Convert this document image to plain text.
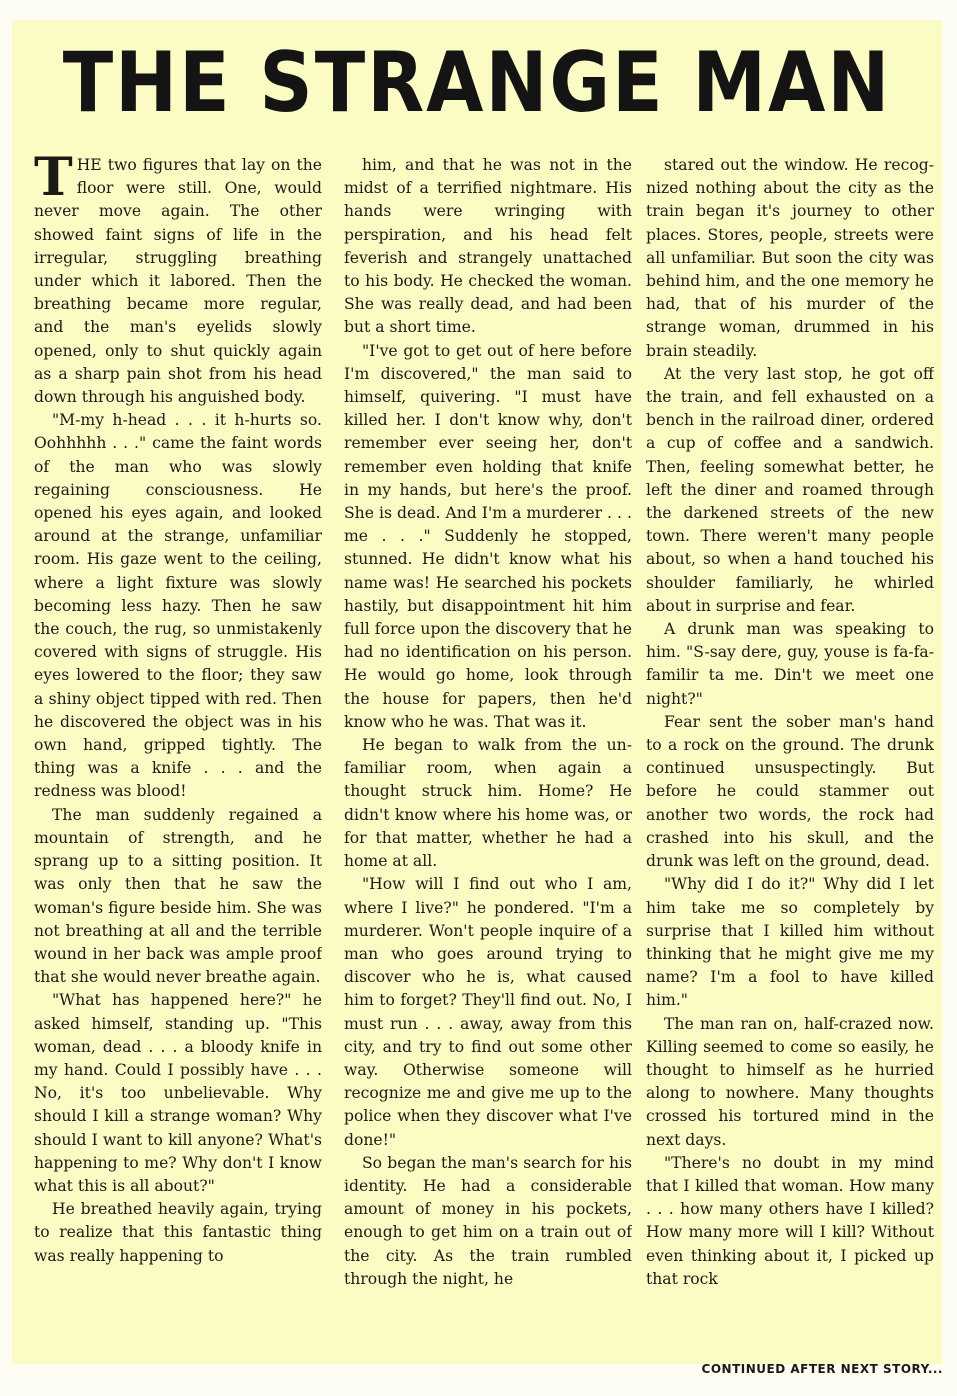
THE STRANGE MAN

THE two figures that lay on the floor were still. One, would never move again. The other showed faint signs of life in the irregular, struggling breathing under which it labored. Then the breathing became more regular, and the man's eyelids slowly opened, only to shut quickly again as a sharp pain shot from his head down through his anguished body.

"M-my h-head . . . it h-hurts so. Oohhhhh . . ." came the faint words of the man who was slowly regaining consciousness. He opened his eyes again, and looked around at the strange, unfamiliar room. His gaze went to the ceiling, where a light fixture was slowly becoming less hazy. Then he saw the couch, the rug, so unmistakenly covered with signs of struggle. His eyes lowered to the floor; they saw a shiny object tipped with red. Then he discovered the object was in his own hand, gripped tightly. The thing was a knife . . . and the redness was blood!

The man suddenly regained a mountain of strength, and he sprang up to a sitting position. It was only then that he saw the woman's figure beside him. She was not breathing at all and the terrible wound in her back was ample proof that she would never breathe again.

"What has happened here?" he asked himself, standing up. "This woman, dead . . . a bloody knife in my hand. Could I possibly have . . . No, it's too unbelievable. Why should I kill a strange woman? Why should I want to kill anyone? What's happening to me? Why don't I know what this is all about?"

He breathed heavily again, trying to realize that this fantastic thing was really happening to

him, and that he was not in the midst of a terrified nightmare. His hands were wringing with perspiration, and his head felt feverish and strangely unattached to his body. He checked the woman. She was really dead, and had been but a short time.

"I've got to get out of here before I'm discovered," the man said to himself, quivering. "I must have killed her. I don't know why, don't remember ever seeing her, don't remember even holding that knife in my hands, but here's the proof. She is dead. And I'm a murderer . . . me . . ." Suddenly he stopped, stunned. He didn't know what his name was! He searched his pockets hastily, but disappointment hit him full force upon the discovery that he had no identification on his person. He would go home, look through the house for papers, then he'd know who he was. That was it.

He began to walk from the unfamiliar room, when again a thought struck him. Home? He didn't know where his home was, or for that matter, whether he had a home at all.

"How will I find out who I am, where I live?" he pondered. "I'm a murderer. Won't people inquire of a man who goes around trying to discover who he is, what caused him to forget? They'll find out. No, I must run . . . away, away from this city, and try to find out some other way. Otherwise someone will recognize me and give me up to the police when they discover what I've done!"

So began the man's search for his identity. He had a considerable amount of money in his pockets, enough to get him on a train out of the city. As the train rumbled through the night, he

stared out the window. He recognized nothing about the city as the train began it's journey to other places. Stores, people, streets were all unfamiliar. But soon the city was behind him, and the one memory he had, that of his murder of the strange woman, drummed in his brain steadily.

At the very last stop, he got off the train, and fell exhausted on a bench in the railroad diner, ordered a cup of coffee and a sandwich. Then, feeling somewhat better, he left the diner and roamed through the darkened streets of the new town. There weren't many people about, so when a hand touched his shoulder familiarly, he whirled about in surprise and fear.

A drunk man was speaking to him. "S-say dere, guy, youse is fa-fa-familir ta me. Din't we meet one night?"

Fear sent the sober man's hand to a rock on the ground. The drunk continued unsuspectingly. But before he could stammer out another two words, the rock had crashed into his skull, and the drunk was left on the ground, dead.

"Why did I do it?" Why did I let him take me so completely by surprise that I killed him without thinking that he might give me my name? I'm a fool to have killed him."

The man ran on, half-crazed now. Killing seemed to come so easily, he thought to himself as he hurried along to nowhere. Many thoughts crossed his tortured mind in the next days.

"There's no doubt in my mind that I killed that woman. How many . . . how many others have I killed? How many more will I kill? Without even thinking about it, I picked up that rock

CONTINUED AFTER NEXT STORY...
